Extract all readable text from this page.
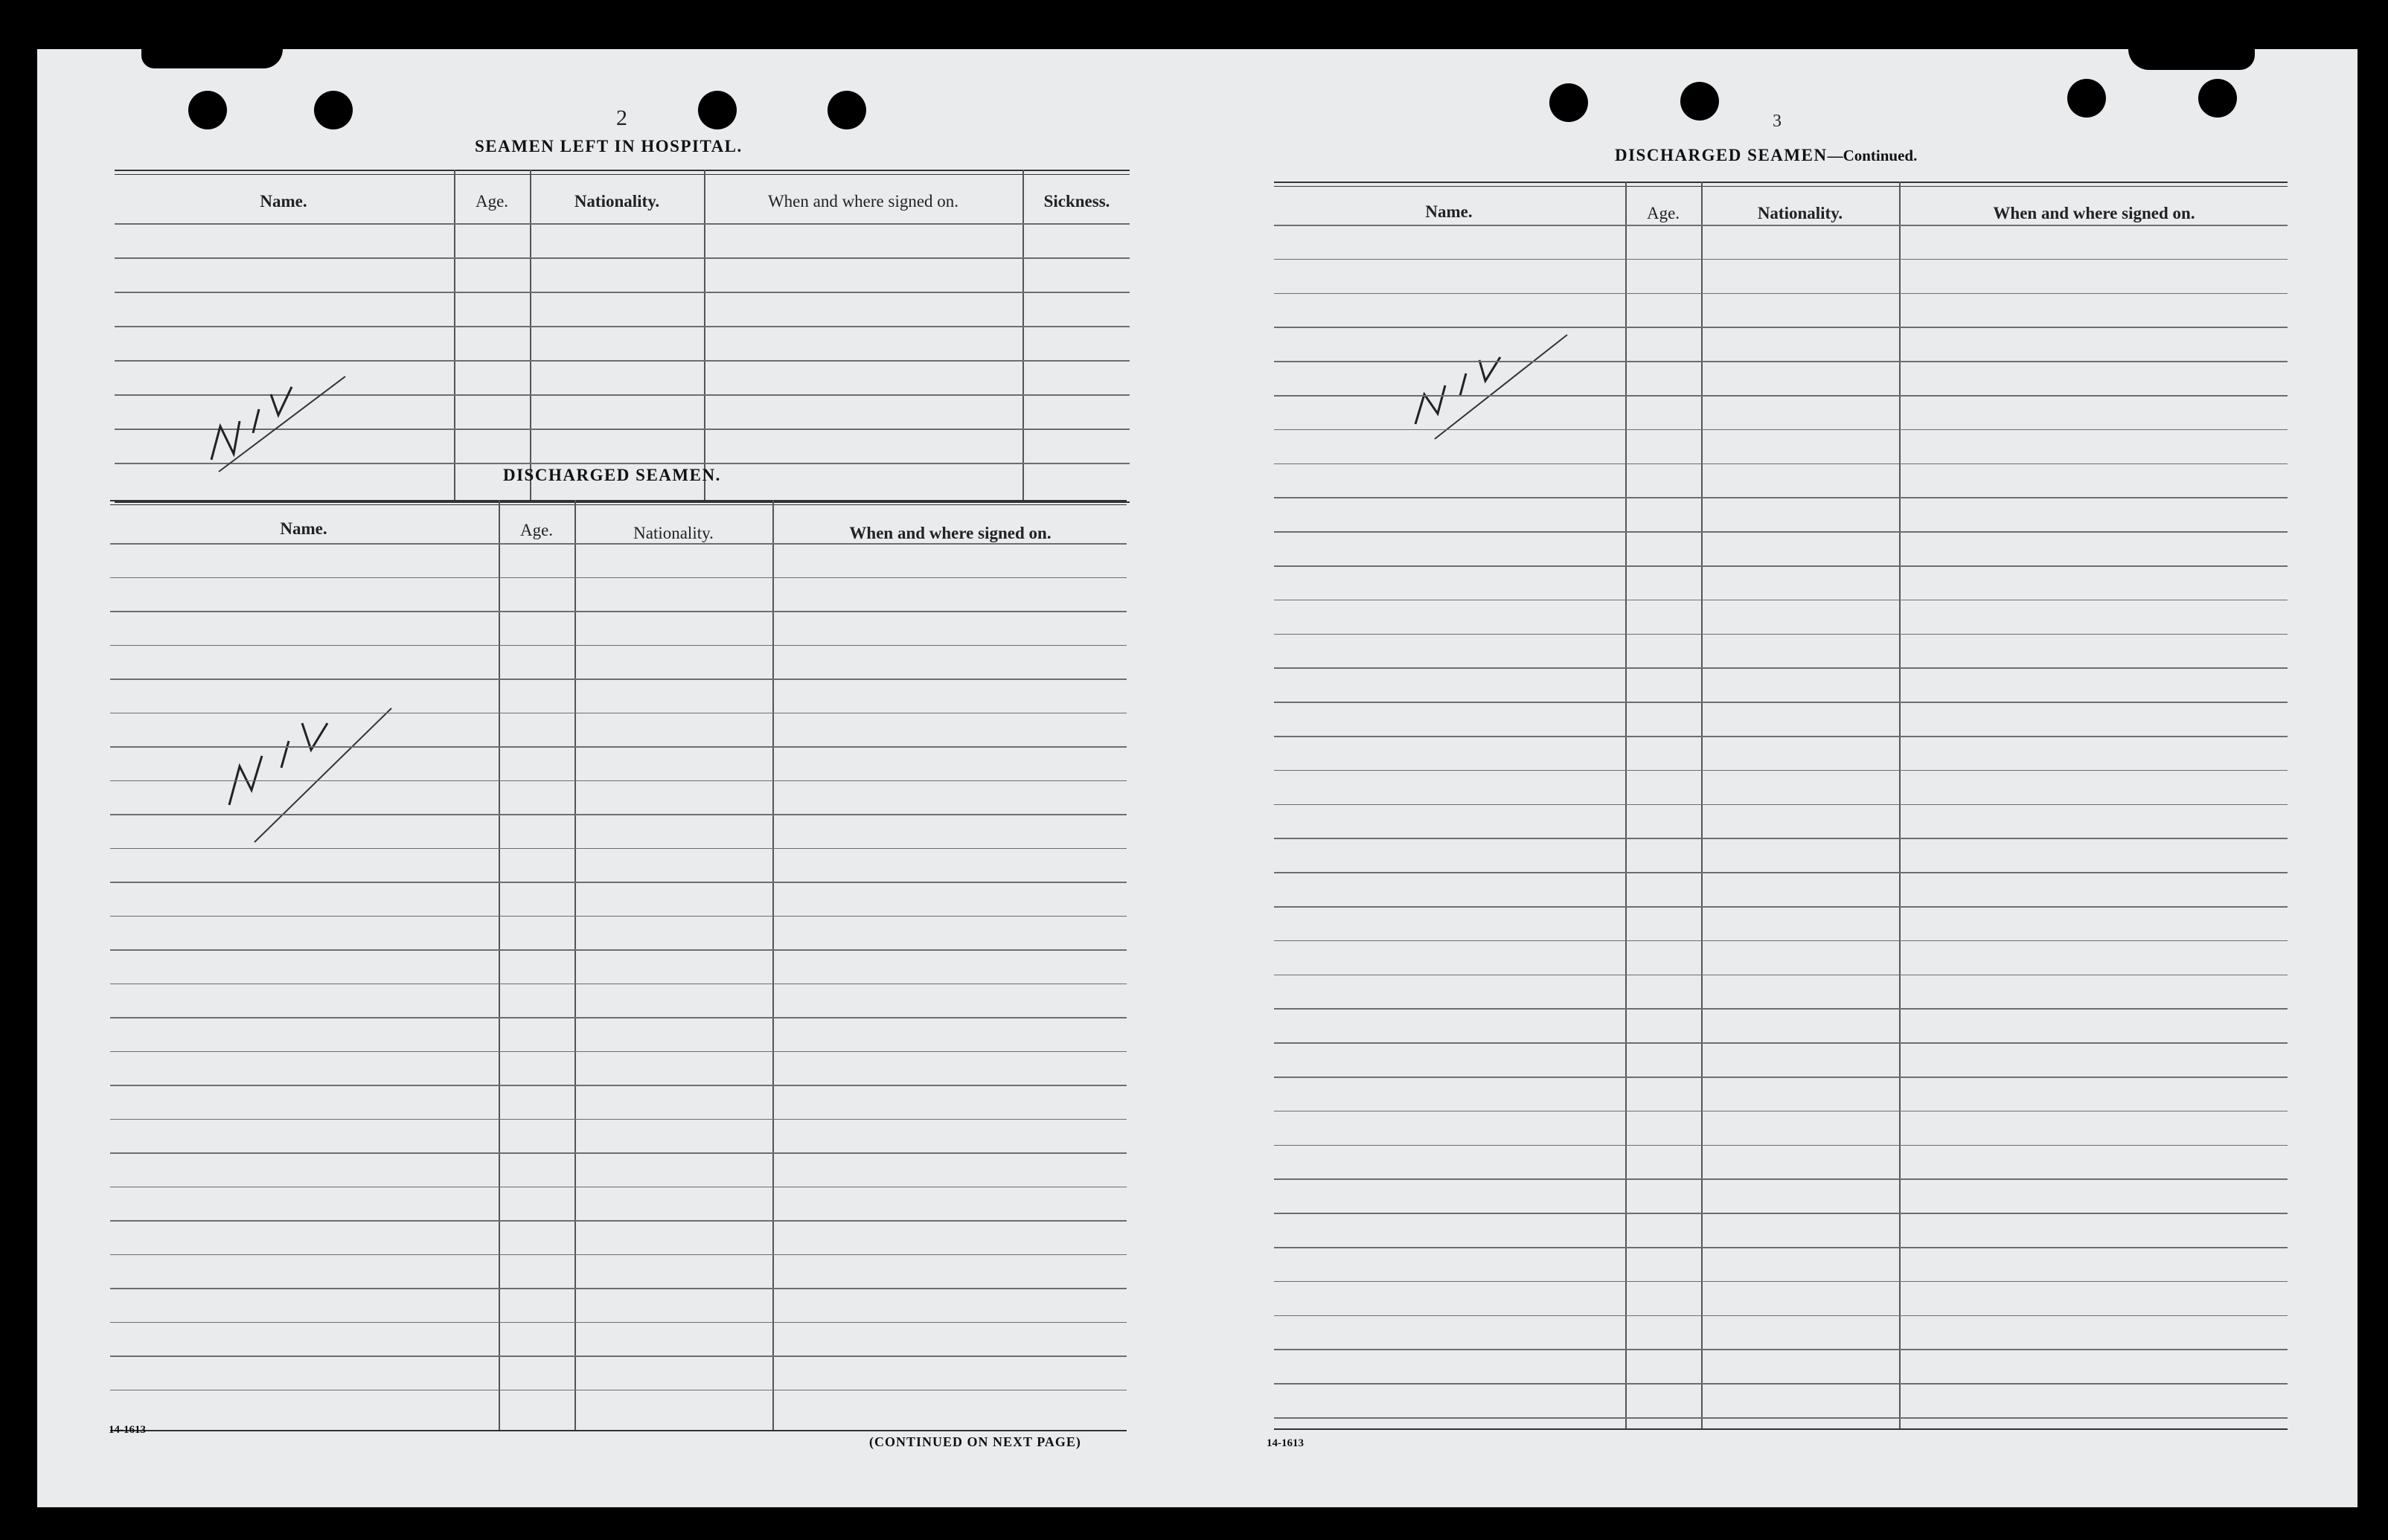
2
SEAMEN LEFT IN HOSPITAL.
Name.	Age.	Nationality.	When and where signed on.	Sickness.
DISCHARGED SEAMEN.
Name.	Age.	Nationality.	When and where signed on.
14-1613
(CONTINUED ON NEXT PAGE)
3
DISCHARGED SEAMEN—Continued.
Name.	Age.	Nationality.	When and where signed on.
14-1613
